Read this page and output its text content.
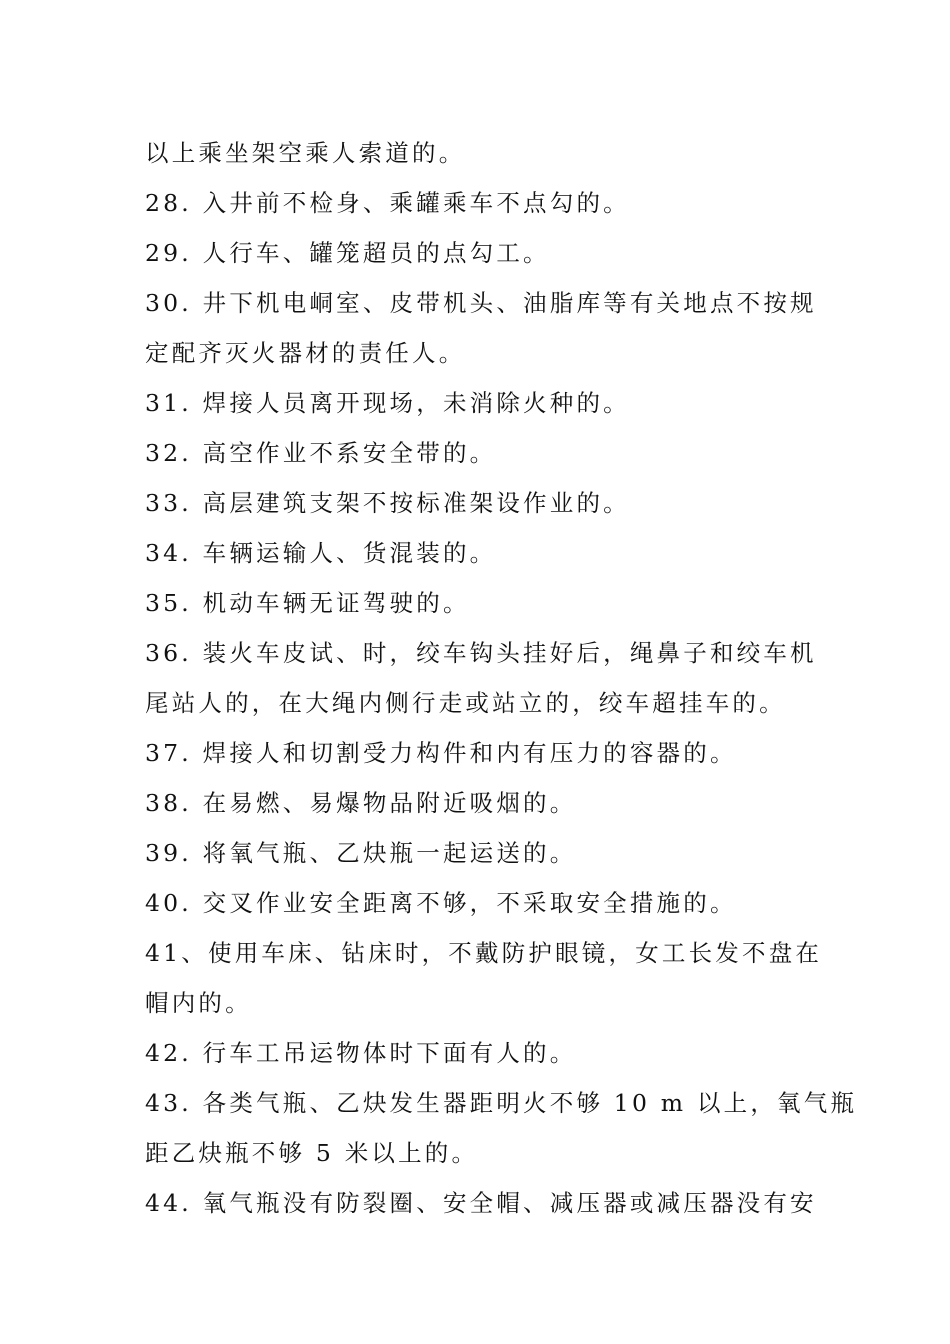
以上乘坐架空乘人索道的。
28. 入井前不检身、乘罐乘车不点勾的。
29. 人行车、罐笼超员的点勾工。
30. 井下机电峒室、皮带机头、油脂库等有关地点不按规
定配齐灭火器材的责任人。
31. 焊接人员离开现场，未消除火种的。
32. 高空作业不系安全带的。
33. 高层建筑支架不按标准架设作业的。
34. 车辆运输人、货混装的。
35. 机动车辆无证驾驶的。
36. 装火车皮试、时，绞车钩头挂好后，绳鼻子和绞车机
尾站人的，在大绳内侧行走或站立的，绞车超挂车的。
37. 焊接人和切割受力构件和内有压力的容器的。
38. 在易燃、易爆物品附近吸烟的。
39. 将氧气瓶、乙炔瓶一起运送的。
40. 交叉作业安全距离不够，不采取安全措施的。
41、使用车床、钻床时，不戴防护眼镜，女工长发不盘在
帽内的。
42. 行车工吊运物体时下面有人的。
43. 各类气瓶、乙炔发生器距明火不够 10 m 以上，氧气瓶
距乙炔瓶不够 5 米以上的。
44. 氧气瓶没有防裂圈、安全帽、减压器或减压器没有安
